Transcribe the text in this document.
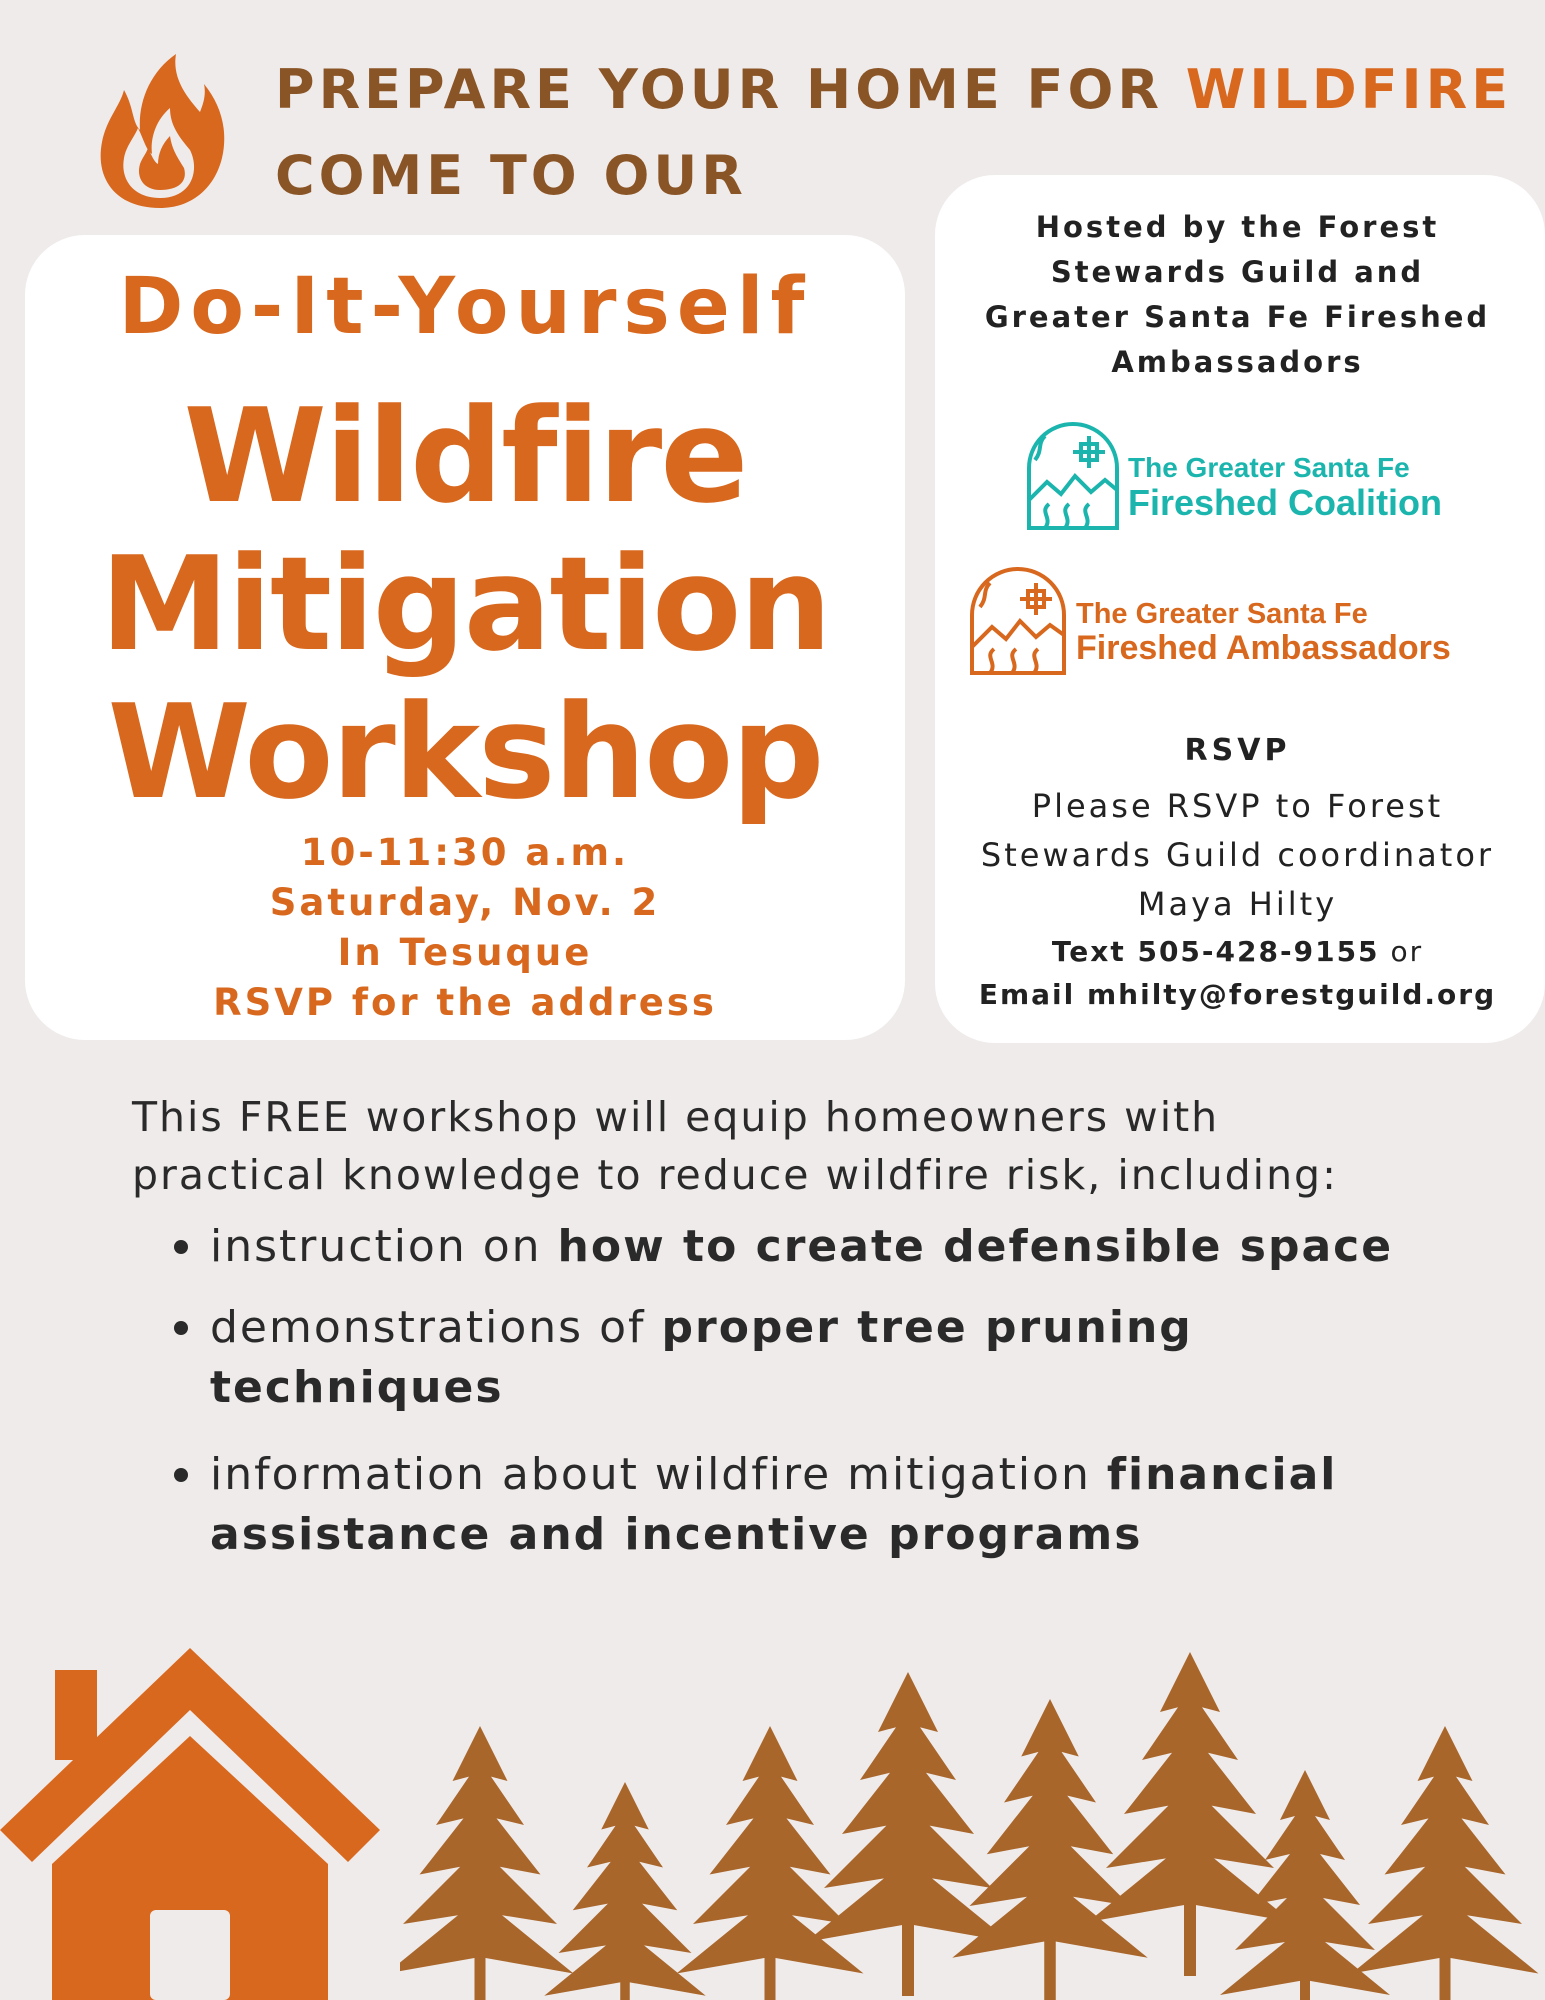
PREPARE YOUR HOME FOR WILDFIRE
COME TO OUR
Do-It-Yourself
Wildfire
Mitigation
Workshop
10-11:30 a.m.
Saturday, Nov. 2
In Tesuque
RSVP for the address
Hosted by the Forest
Stewards Guild and
Greater Santa Fe Fireshed
Ambassadors
The Greater Santa Fe
Fireshed Coalition
The Greater Santa Fe
Fireshed Ambassadors
RSVP
Please RSVP to Forest
Stewards Guild coordinator
Maya Hilty
Text 505-428-9155 or
Email mhilty@forestguild.org
This FREE workshop will equip homeowners with
practical knowledge to reduce wildfire risk, including:
instruction on how to create defensible space
demonstrations of proper tree pruning techniques
information about wildfire mitigation financial assistance and incentive programs
